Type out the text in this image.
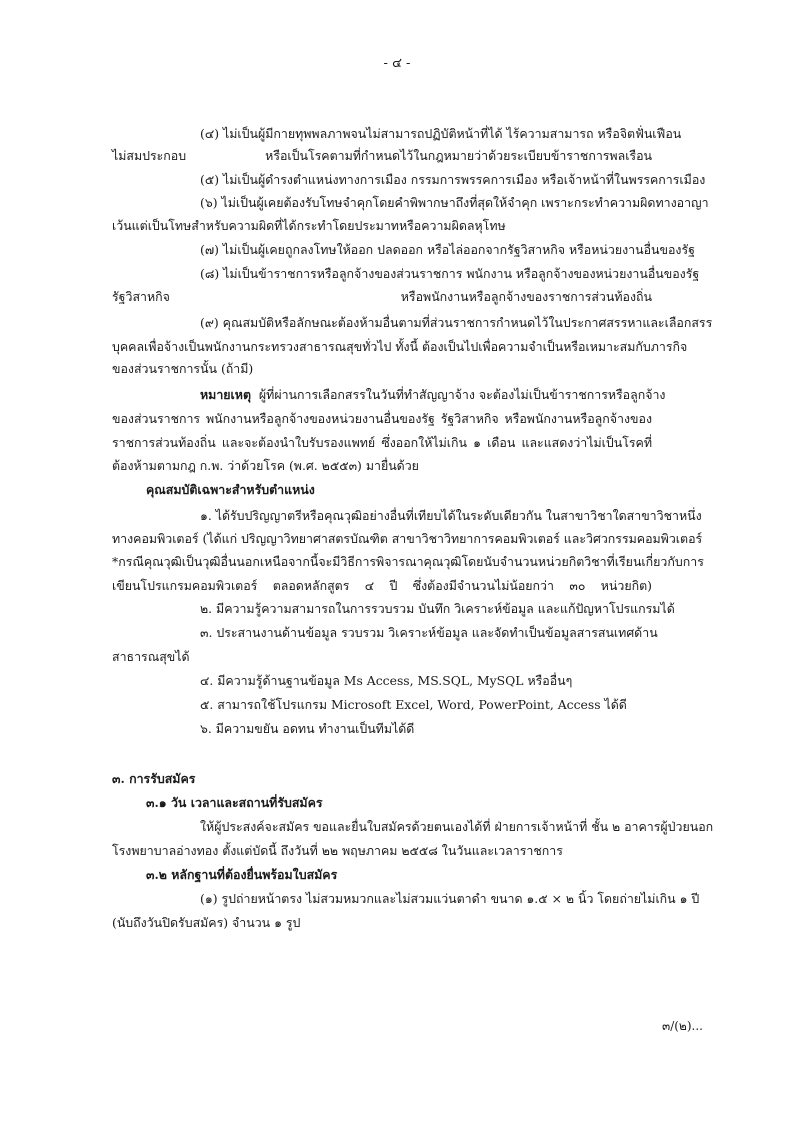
- ๔ -
(๔) ไม่เป็นผู้มีกายทุพพลภาพจนไม่สามารถปฏิบัติหน้าที่ได้ ไร้ความสามารถ หรือจิตฟั่นเฟือน
ไม่สมประกอบ หรือเป็นโรคตามที่กำหนดไว้ในกฎหมายว่าด้วยระเบียบข้าราชการพลเรือน
(๕) ไม่เป็นผู้ดำรงตำแหน่งทางการเมือง กรรมการพรรคการเมือง หรือเจ้าหน้าที่ในพรรคการเมือง
(๖) ไม่เป็นผู้เคยต้องรับโทษจำคุกโดยคำพิพากษาถึงที่สุดให้จำคุก เพราะกระทำความผิดทางอาญา
เว้นแต่เป็นโทษสำหรับความผิดที่ได้กระทำโดยประมาทหรือความผิดลหุโทษ
(๗) ไม่เป็นผู้เคยถูกลงโทษให้ออก ปลดออก หรือไล่ออกจากรัฐวิสาหกิจ หรือหน่วยงานอื่นของรัฐ
(๘) ไม่เป็นข้าราชการหรือลูกจ้างของส่วนราชการ พนักงาน หรือลูกจ้างของหน่วยงานอื่นของรัฐ
รัฐวิสาหกิจ หรือพนักงานหรือลูกจ้างของราชการส่วนท้องถิ่น
(๙) คุณสมบัติหรือลักษณะต้องห้ามอื่นตามที่ส่วนราชการกำหนดไว้ในประกาศสรรหาและเลือกสรร
บุคคลเพื่อจ้างเป็นพนักงานกระทรวงสาธารณสุขทั่วไป ทั้งนี้ ต้องเป็นไปเพื่อความจำเป็นหรือเหมาะสมกับภารกิจ
ของส่วนราชการนั้น (ถ้ามี)
หมายเหตุ ผู้ที่ผ่านการเลือกสรรในวันที่ทำสัญญาจ้าง จะต้องไม่เป็นข้าราชการหรือลูกจ้าง
ของส่วนราชการ พนักงานหรือลูกจ้างของหน่วยงานอื่นของรัฐ รัฐวิสาหกิจ หรือพนักงานหรือลูกจ้างของ
ราชการส่วนท้องถิ่น และจะต้องนำใบรับรองแพทย์ ซึ่งออกให้ไม่เกิน ๑ เดือน และแสดงว่าไม่เป็นโรคที่
ต้องห้ามตามกฎ ก.พ. ว่าด้วยโรค (พ.ศ. ๒๕๕๓) มายื่นด้วย
คุณสมบัติเฉพาะสำหรับตำแหน่ง
๑. ได้รับปริญญาตรีหรือคุณวุฒิอย่างอื่นที่เทียบได้ในระดับเดียวกัน ในสาขาวิชาใดสาขาวิชาหนึ่ง
ทางคอมพิวเตอร์ (ได้แก่ ปริญญาวิทยาศาสตรบัณฑิต สาขาวิชาวิทยาการคอมพิวเตอร์ และวิศวกรรมคอมพิวเตอร์
*กรณีคุณวุฒิเป็นวุฒิอื่นนอกเหนือจากนี้จะมีวิธีการพิจารณาคุณวุฒิโดยนับจำนวนหน่วยกิตวิชาที่เรียนเกี่ยวกับการ
เขียนโปรแกรมคอมพิวเตอร์ ตลอดหลักสูตร ๔ ปี ซึ่งต้องมีจำนวนไม่น้อยกว่า ๓๐ หน่วยกิต)
๒. มีความรู้ความสามารถในการรวบรวม บันทึก วิเคราะห์ข้อมูล และแก้ปัญหาโปรแกรมได้
๓. ประสานงานด้านข้อมูล รวบรวม วิเคราะห์ข้อมูล และจัดทำเป็นข้อมูลสารสนเทศด้าน
สาธารณสุขได้
๔. มีความรู้ด้านฐานข้อมูล Ms Access, MS.SQL, MySQL หรืออื่นๆ
๕. สามารถใช้โปรแกรม Microsoft Excel, Word, PowerPoint, Access ได้ดี
๖. มีความขยัน อดทน ทำงานเป็นทีมได้ดี
๓. การรับสมัคร
๓.๑ วัน เวลาและสถานที่รับสมัคร
ให้ผู้ประสงค์จะสมัคร ขอและยื่นใบสมัครด้วยตนเองได้ที่ ฝ่ายการเจ้าหน้าที่ ชั้น ๒ อาคารผู้ป่วยนอก
โรงพยาบาลอ่างทอง ตั้งแต่บัดนี้ ถึงวันที่ ๒๒ พฤษภาคม ๒๕๕๘ ในวันและเวลาราชการ
๓.๒ หลักฐานที่ต้องยื่นพร้อมใบสมัคร
(๑) รูปถ่ายหน้าตรง ไม่สวมหมวกและไม่สวมแว่นตาดำ ขนาด ๑.๕ × ๒ นิ้ว โดยถ่ายไม่เกิน ๑ ปี
(นับถึงวันปิดรับสมัคร) จำนวน ๑ รูป
๓/(๒)...
